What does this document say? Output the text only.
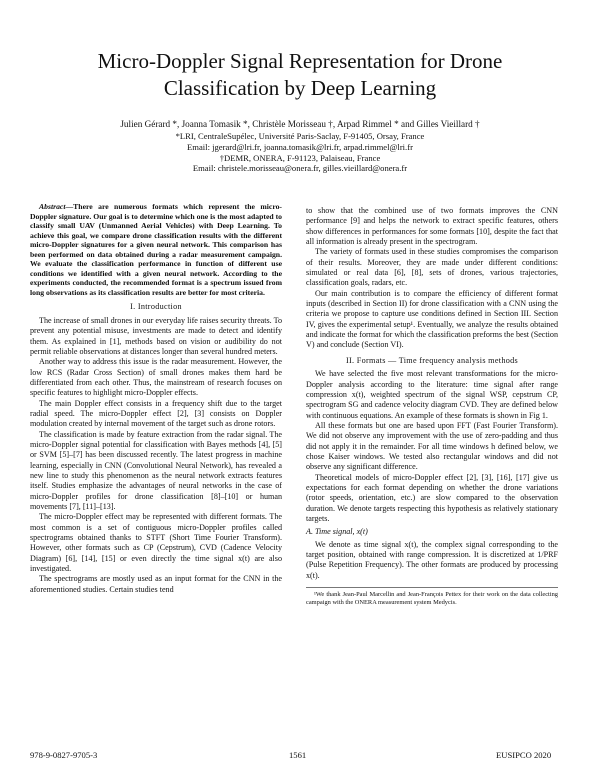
Micro-Doppler Signal Representation for Drone
Classification by Deep Learning
Julien Gérard *, Joanna Tomasik *, Christèle Morisseau †, Arpad Rimmel * and Gilles Vieillard †
*LRI, CentraleSupélec, Université Paris-Saclay, F-91405, Orsay, France
Email: jgerard@lri.fr, joanna.tomasik@lri.fr, arpad.rimmel@lri.fr
†DEMR, ONERA, F-91123, Palaiseau, France
Email: christele.morisseau@onera.fr, gilles.vieillard@onera.fr

Abstract—There are numerous formats which represent the micro-Doppler signature. Our goal is to determine which one is the most adapted to classify small UAV (Unmanned Aerial Vehicles) with Deep Learning. To achieve this goal, we compare drone classification results with the different micro-Doppler signatures for a given neural network. This comparison has been performed on data obtained during a radar measurement campaign. We evaluate the classification performance in function of different use conditions we identified with a given neural network. According to the experiments conducted, the recommended format is a spectrum issued from long observations as its classification results are better for most criteria.

I. Introduction

The increase of small drones in our everyday life raises security threats. To prevent any potential misuse, investments are made to detect and identify them. As explained in [1], methods based on vision or audibility do not permit reliable observations at distances longer than several hundred meters.

Another way to address this issue is the radar measurement. However, the low RCS (Radar Cross Section) of small drones makes them hard be differentiated from each other. Thus, the mainstream of research focuses on specific features to highlight micro-Doppler effects.

The main Doppler effect consists in a frequency shift due to the target radial speed. The micro-Doppler effect [2], [3] consists on Doppler modulation created by internal movement of the target such as drone rotors.

The classification is made by feature extraction from the radar signal. The micro-Doppler signal potential for classification with Bayes methods [4], [5] or SVM [5]–[7] has been discussed recently. The latest progress in machine learning, especially in CNN (Convolutional Neural Network), has revealed a new line to study this phenomenon as the neural network extracts features itself. Studies emphasize the advantages of neural networks in the case of micro-Doppler profiles for drone classification [8]–[10] or human movements [7], [11]–[13].

The micro-Doppler effect may be represented with different formats. The most common is a set of contiguous micro-Doppler profiles called spectrograms obtained thanks to STFT (Short Time Fourier Transform). However, other formats such as CP (Cepstrum), CVD (Cadence Velocity Diagram) [6], [14], [15] or even directly the time signal x(t) are also investigated.

The spectrograms are mostly used as an input format for the CNN in the aforementioned studies. Certain studies tend

to show that the combined use of two formats improves the CNN performance [9] and helps the network to extract specific features, others show differences in performances for some formats [10], despite the fact that all information is already present in the spectrogram.

The variety of formats used in these studies compromises the comparison of their results. Moreover, they are made under different conditions: simulated or real data [6], [8], sets of drones, various trajectories, classification goals, radars, etc.

Our main contribution is to compare the efficiency of different format inputs (described in Section II) for drone classification with a CNN using the criteria we propose to capture use conditions defined in Section III. Section IV, gives the experimental setup¹. Eventually, we analyze the results obtained and indicate the format for which the classification preforms the best (Section V) and conclude (Section VI).

II. Formats — Time frequency analysis methods

We have selected the five most relevant transformations for the micro-Doppler analysis according to the literature: time signal after range compression x(t), weighted spectrum of the signal WSP, cepstrum CP, spectrogram SG and cadence velocity diagram CVD. They are defined below with continuous equations. An example of these formats is shown in Fig 1.

All these formats but one are based upon FFT (Fast Fourier Transform). We did not observe any improvement with the use of zero-padding and thus did not apply it in the remainder. For all time windows h defined below, we chose Kaiser windows. We tested also rectangular windows and did not observe any significant difference.

Theoretical models of micro-Doppler effect [2], [3], [16], [17] give us expectations for each format depending on whether the drone variations (rotor speeds, orientation, etc.) are slow compared to the observation duration. We denote targets respecting this hypothesis as relatively stationary targets.

A. Time signal, x(t)

We denote as time signal x(t), the complex signal corresponding to the target position, obtained with range compression. It is discretized at 1/PRF (Pulse Repetition Frequency). The other formats are produced by processing x(t).

¹We thank Jean-Paul Marcellin and Jean-François Pettex for their work on the data collecting campaign with the ONERA measurement system Medycis.
978-9-0827-9705-3	1561	EUSIPCO 2020
